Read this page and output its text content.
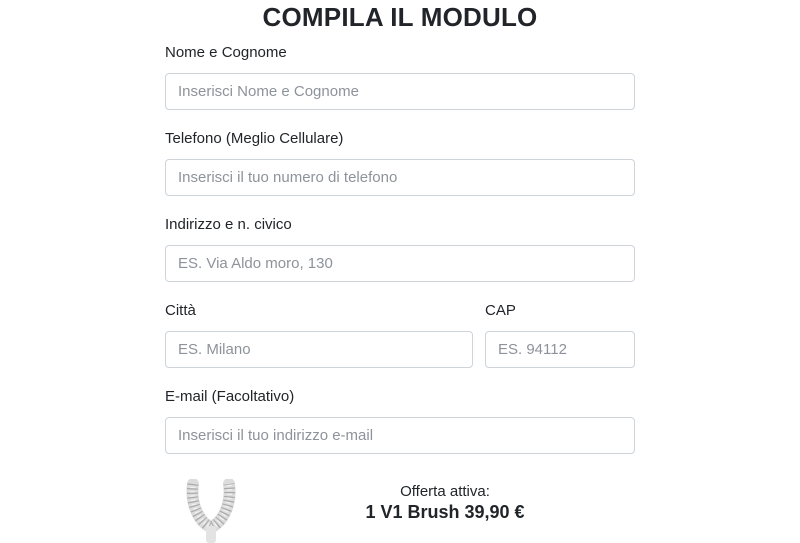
COMPILA IL MODULO
Nome e Cognome
Inserisci Nome e Cognome
Telefono (Meglio Cellulare)
Inserisci il tuo numero di telefono
Indirizzo e n. civico
ES. Via Aldo moro, 130
Città
ES. Milano	CAP
ES. 94112
E-mail (Facoltativo)
Inserisci il tuo indirizzo e-mail
Offerta attiva:
1 V1 Brush 39,90 €
